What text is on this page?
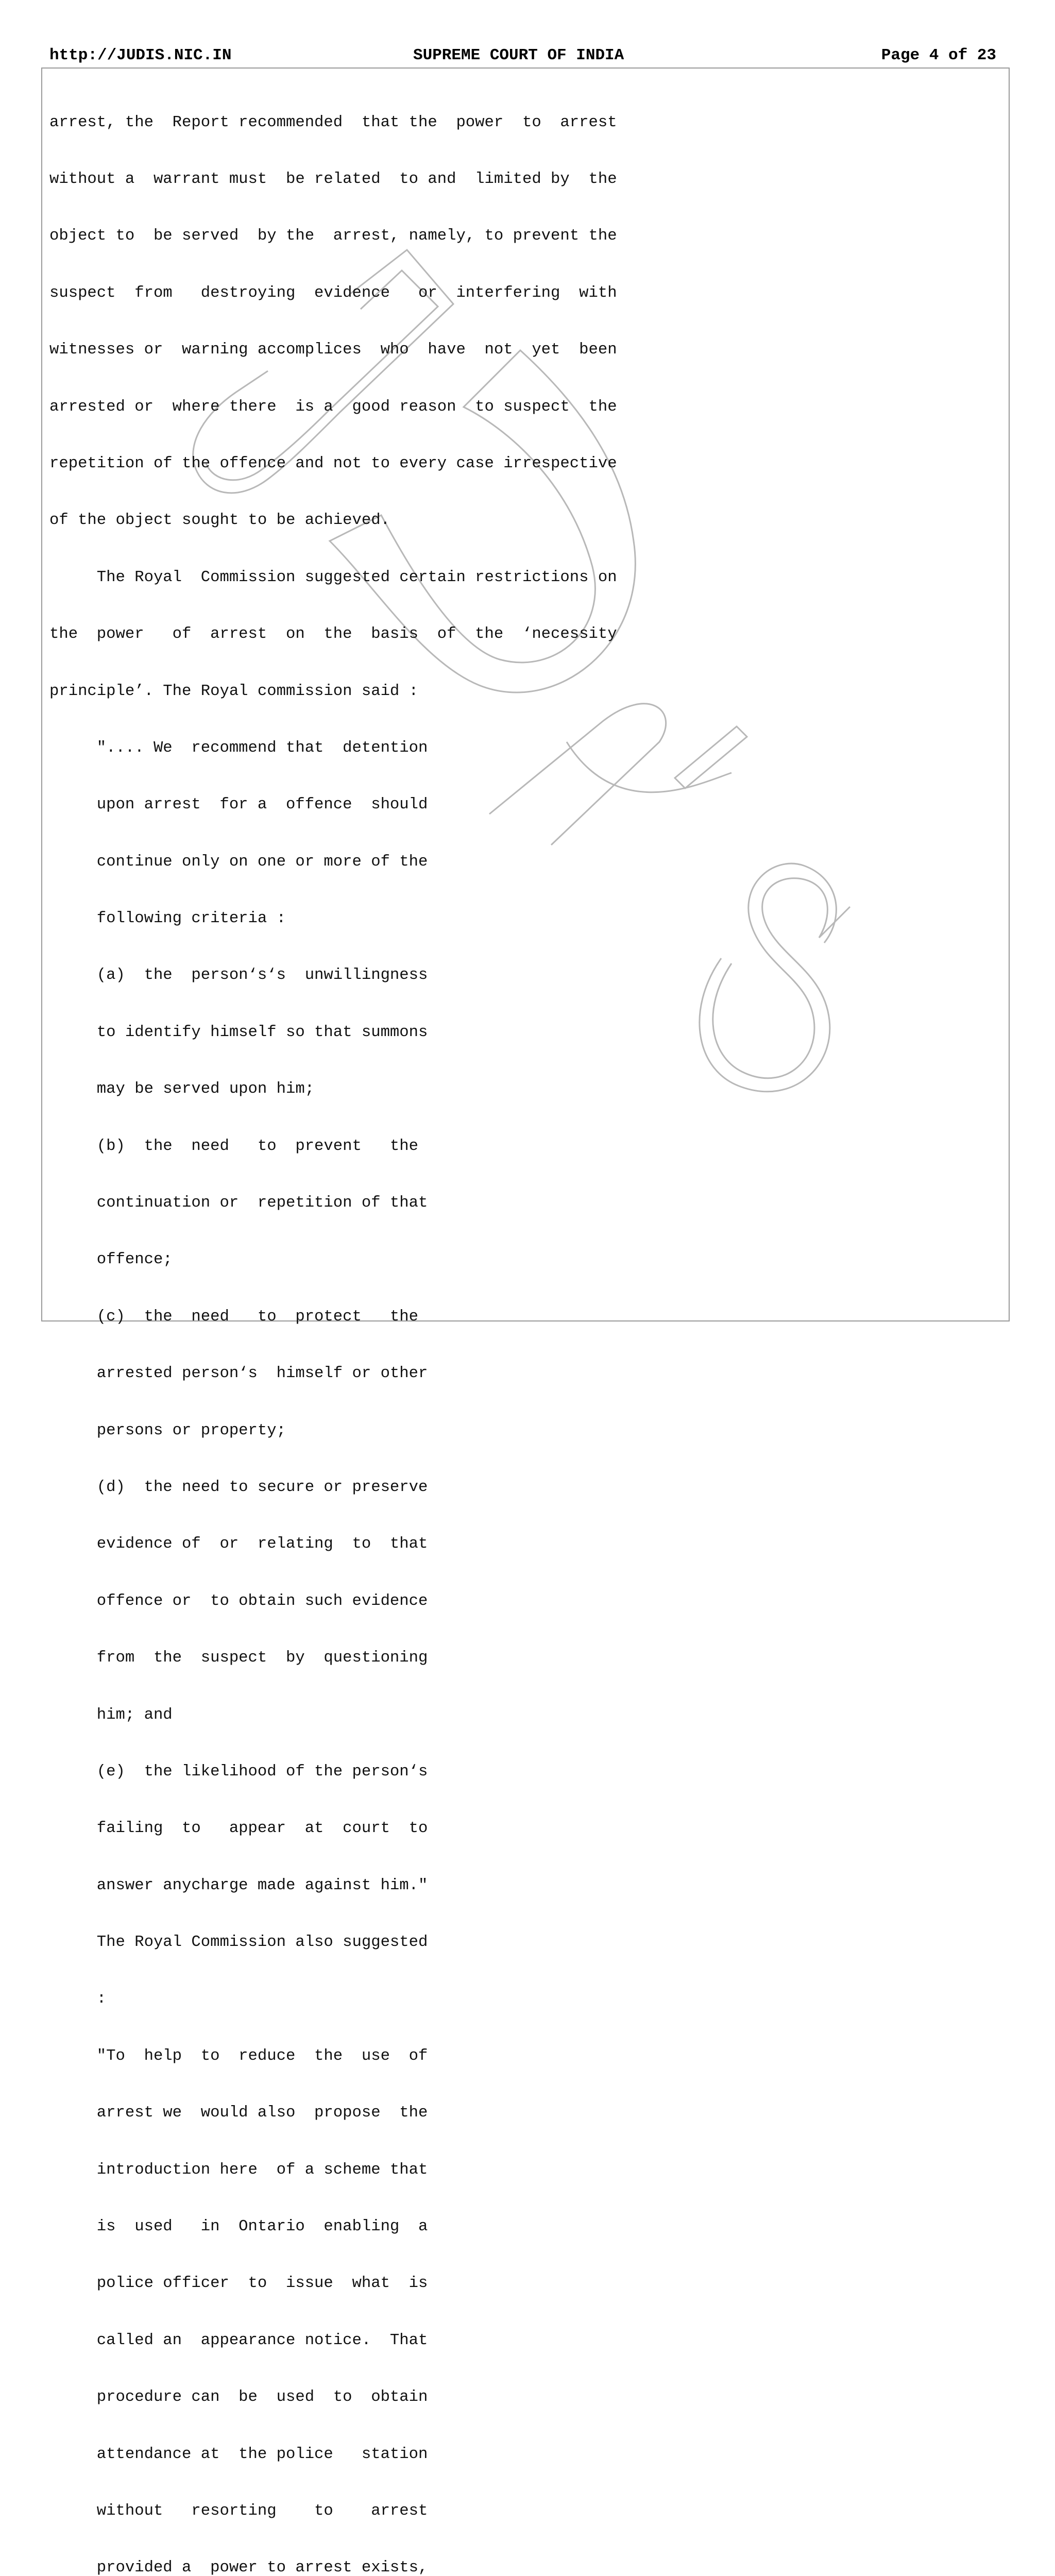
http://JUDIS.NIC.IN	SUPREME COURT OF INDIA	Page 4 of 23

arrest, the  Report recommended  that the  power  to  arrest

without a  warrant must  be related  to and  limited by  the

object to  be served  by the  arrest, namely, to prevent the

suspect  from   destroying  evidence   or  interfering  with

witnesses or  warning accomplices  who  have  not  yet  been

arrested or  where there  is a  good reason  to suspect  the

repetition of the offence and not to every case irrespective

of the object sought to be achieved.

The Royal  Commission suggested certain restrictions on

the  power   of  arrest  on  the  basis  of  the  ‘necessity

principle’. The Royal commission said :

".... We  recommend that  detention

upon arrest  for a  offence  should

continue only on one or more of the

following criteria :

(a)  the  person‘s‘s  unwillingness

to identify himself so that summons

may be served upon him;

(b)  the  need   to  prevent   the

continuation or  repetition of that

offence;

(c)  the  need   to  protect   the

arrested person‘s  himself or other

persons or property;

(d)  the need to secure or preserve

evidence of  or  relating  to  that

offence or  to obtain such evidence

from  the  suspect  by  questioning

him; and

(e)  the likelihood of the person‘s

failing  to   appear  at  court  to

answer anycharge made against him."

The Royal Commission also suggested

:

"To  help  to  reduce  the  use  of

arrest we  would also  propose  the

introduction here  of a scheme that

is  used   in  Ontario  enabling  a

police officer  to  issue  what  is

called an  appearance notice.  That

procedure can  be  used  to  obtain

attendance at  the police   station

without   resorting    to    arrest

provided a  power to arrest exists,
